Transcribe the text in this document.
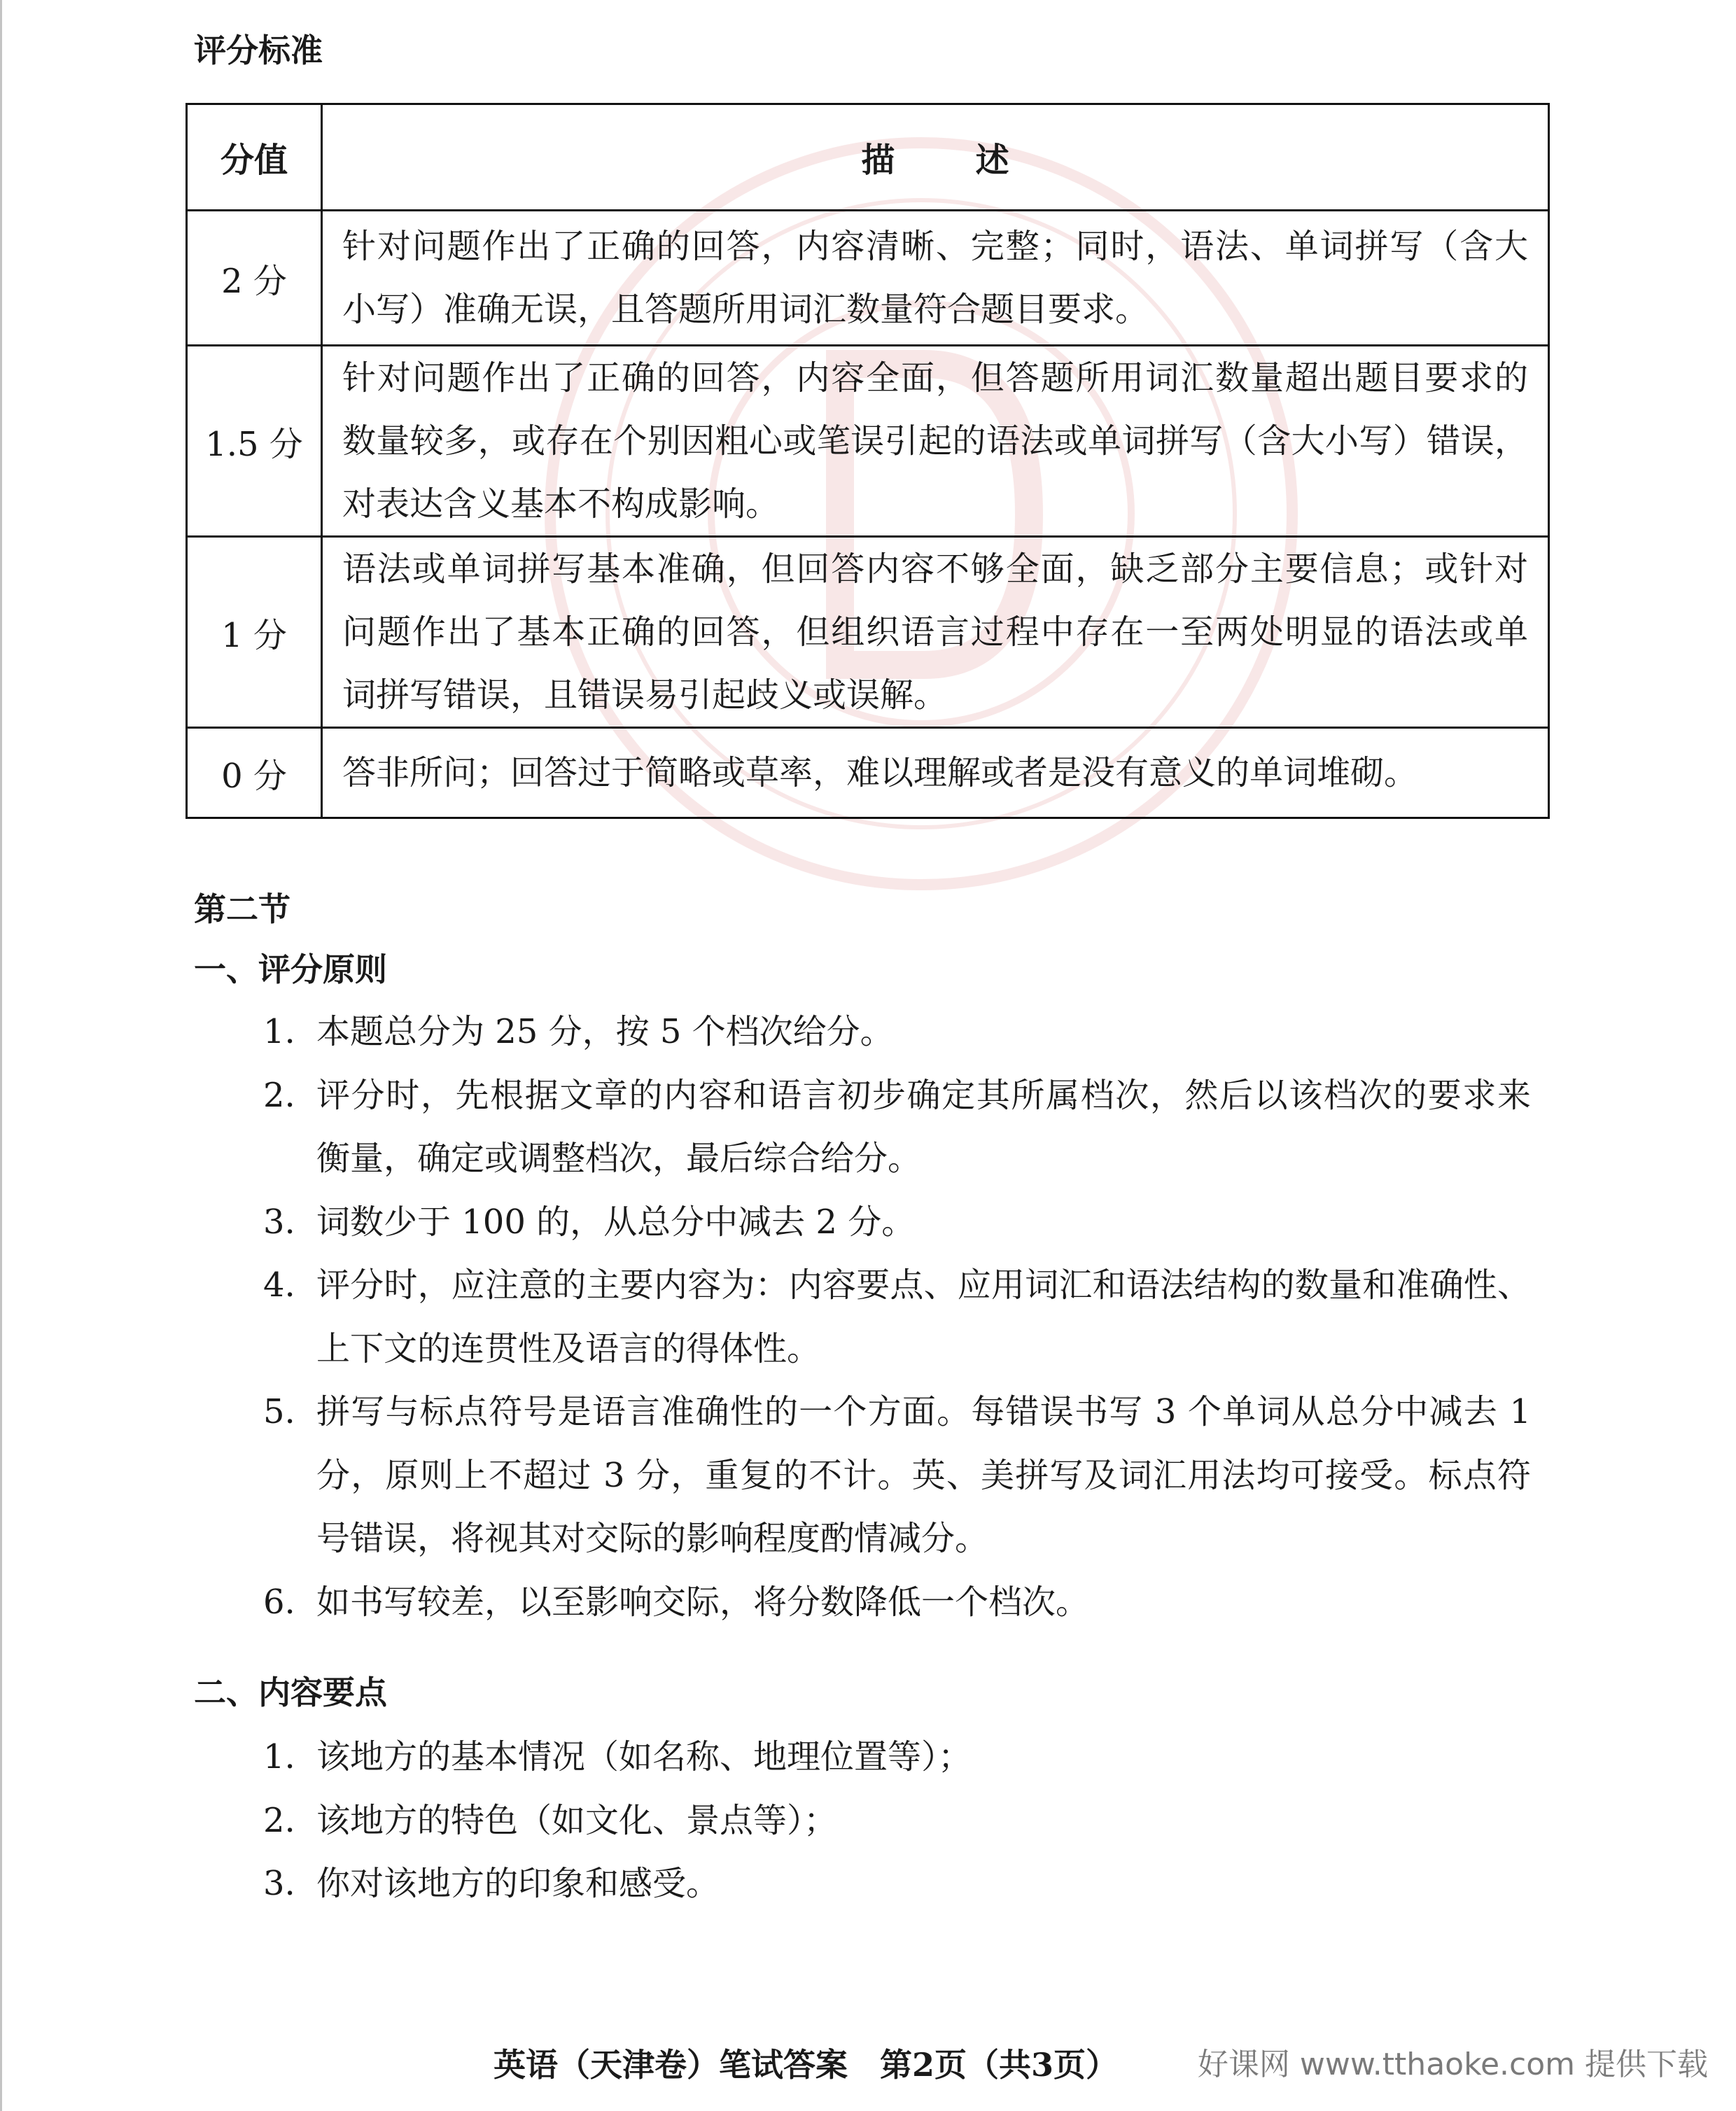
评分标准
分值	描述
2 分	针对问题作出了正确的回答，内容清晰、完整；同时，语法、单词拼写（含大
小写）准确无误，且答题所用词汇数量符合题目要求。

1.5 分	针对问题作出了正确的回答，内容全面，但答题所用词汇数量超出题目要求的
数量较多，或存在个别因粗心或笔误引起的语法或单词拼写（含大小写）错误，
对表达含义基本不构成影响。

1 分	语法或单词拼写基本准确，但回答内容不够全面，缺乏部分主要信息；或针对
问题作出了基本正确的回答，但组织语言过程中存在一至两处明显的语法或单
词拼写错误，且错误易引起歧义或误解。

0 分	答非所问；回答过于简略或草率，难以理解或者是没有意义的单词堆砌。
第二节
一、评分原则
1. 本题总分为 25 分，按 5 个档次给分。
2. 评分时，先根据文章的内容和语言初步确定其所属档次，然后以该档次的要求来
衡量，确定或调整档次，最后综合给分。
3. 词数少于 100 的，从总分中减去 2 分。
4. 评分时，应注意的主要内容为：内容要点、应用词汇和语法结构的数量和准确性、
上下文的连贯性及语言的得体性。
5. 拼写与标点符号是语言准确性的一个方面。每错误书写 3 个单词从总分中减去 1
分，原则上不超过 3 分，重复的不计。英、美拼写及词汇用法均可接受。标点符
号错误，将视其对交际的影响程度酌情减分。
6. 如书写较差，以至影响交际，将分数降低一个档次。
二、内容要点
1. 该地方的基本情况（如名称、地理位置等）；
2. 该地方的特色（如文化、景点等）；
3. 你对该地方的印象和感受。
英语（天津卷）笔试答案　第2页（共3页）	好课网 www.tthaoke.com 提供下载
